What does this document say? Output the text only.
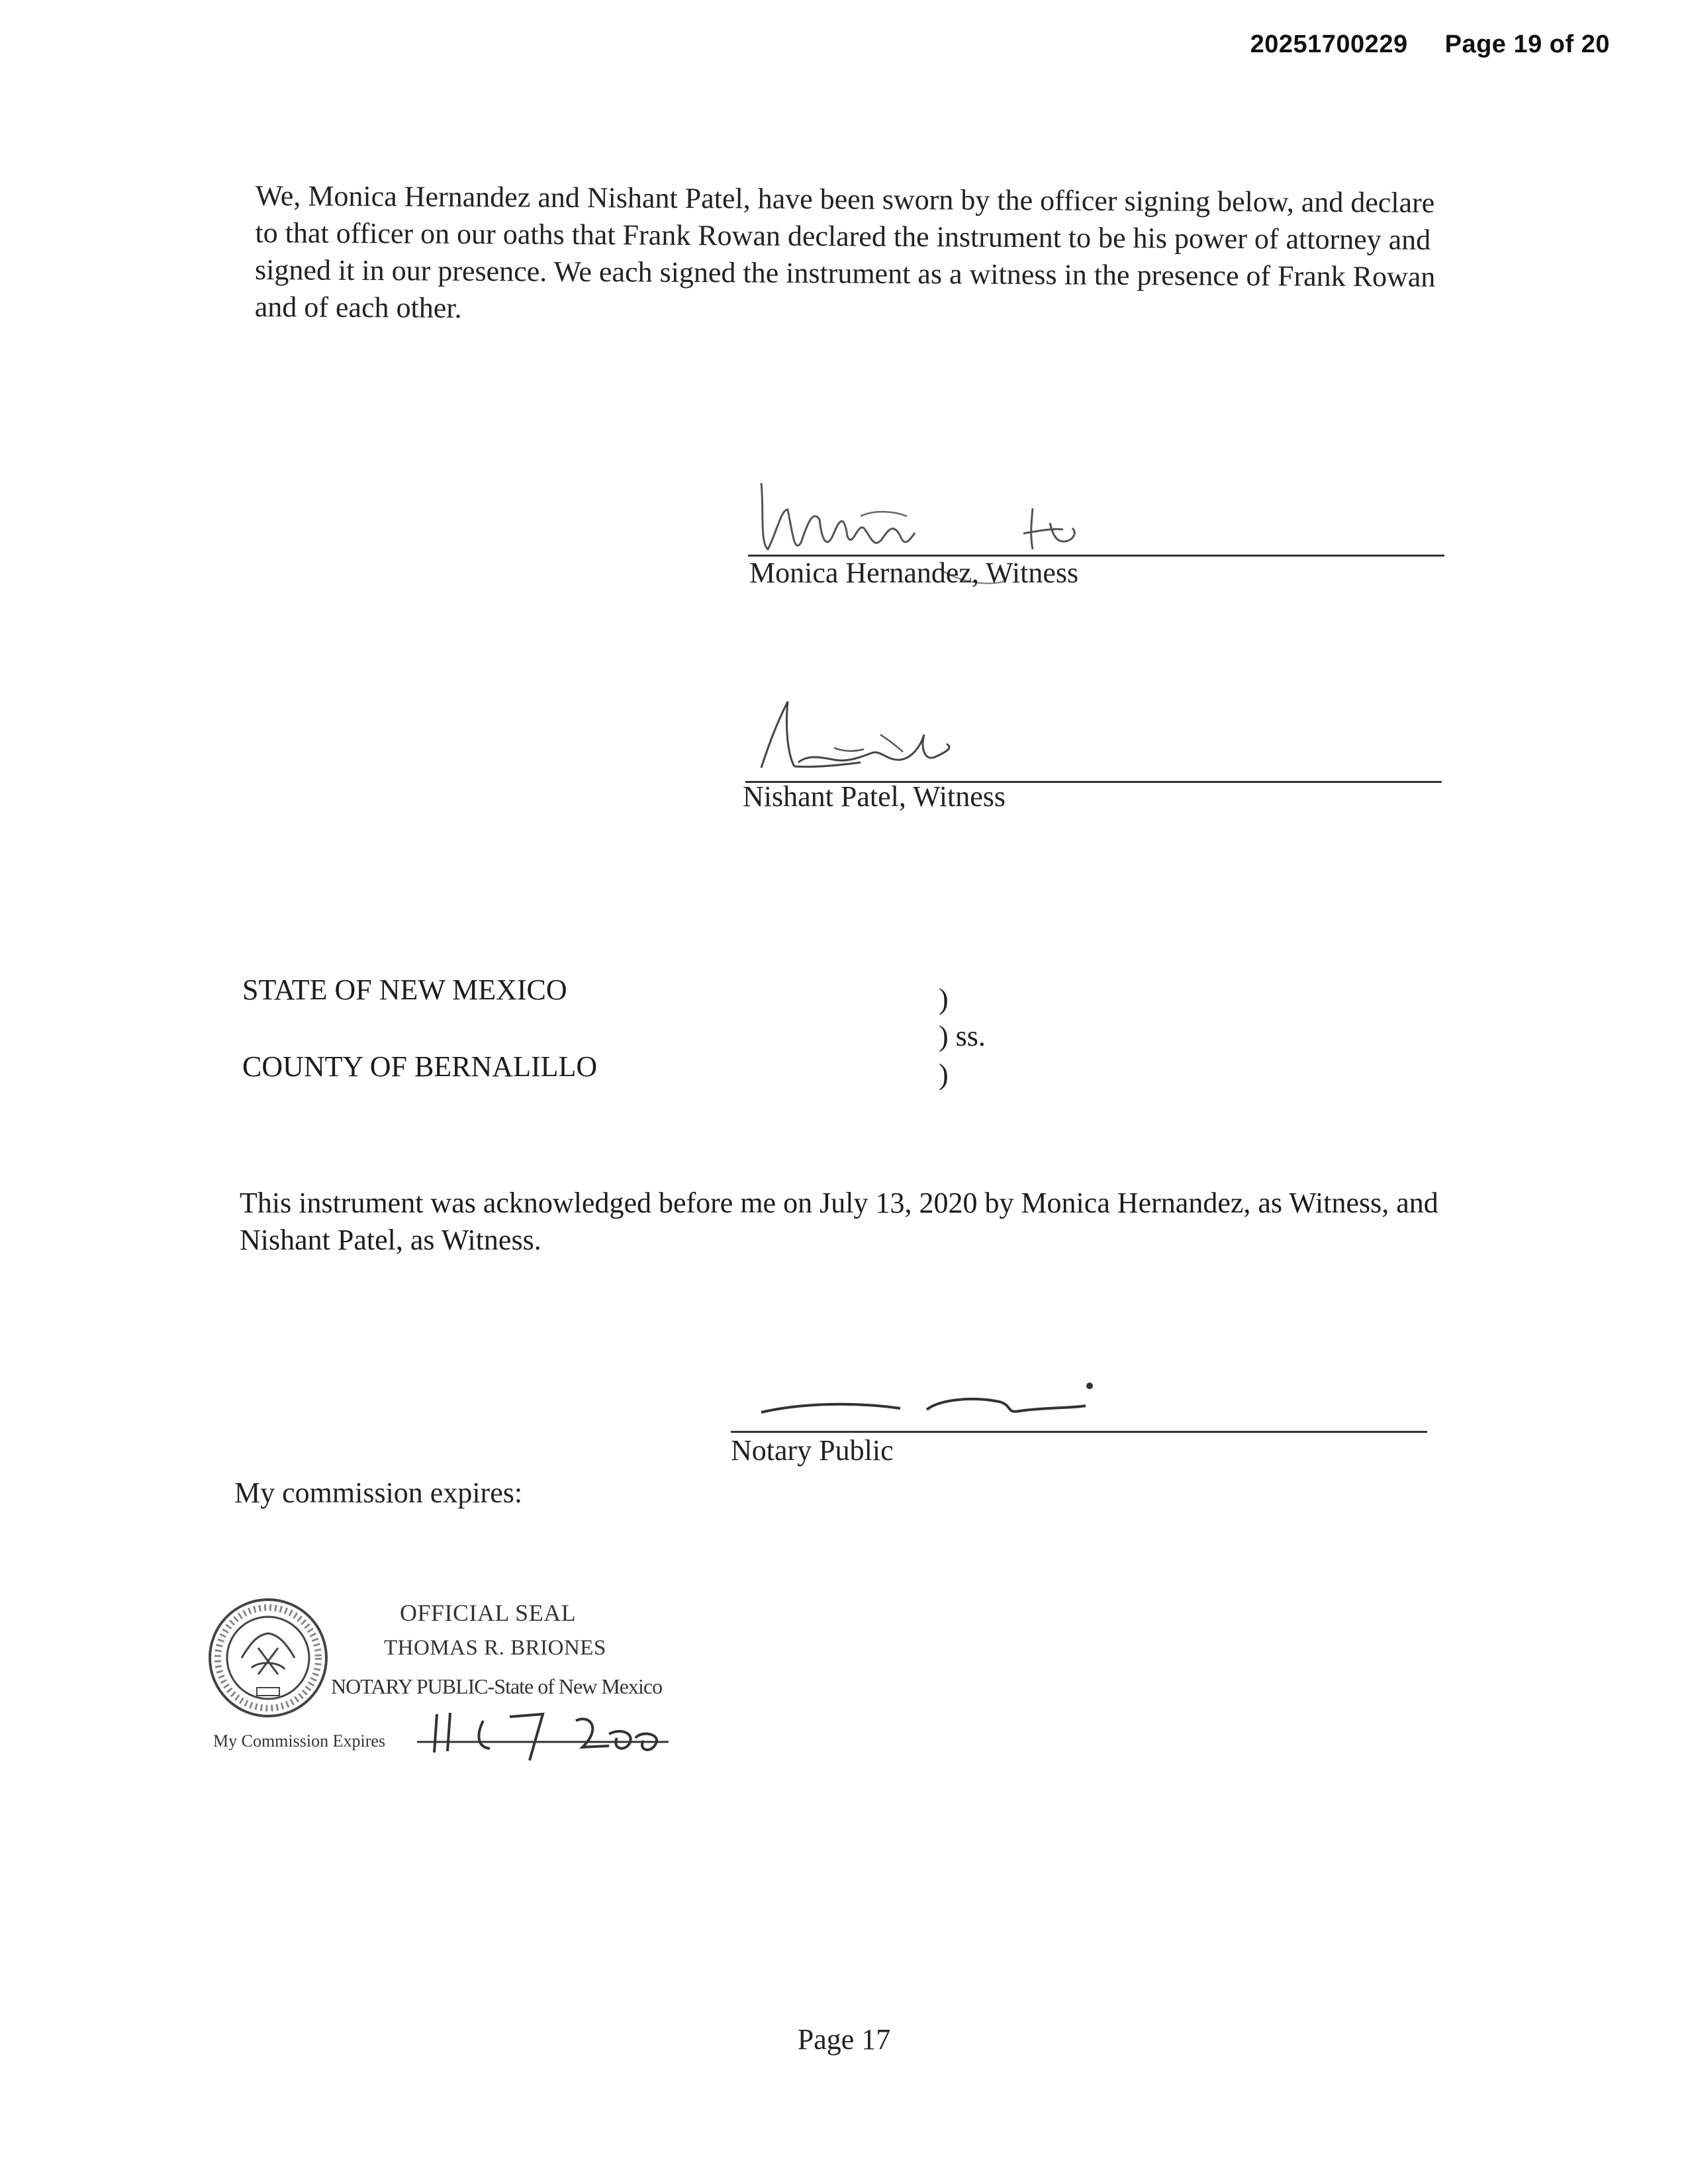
20251700229 Page 19 of 20

We, Monica Hernandez and Nishant Patel, have been sworn by the officer signing below, and declare to that officer on our oaths that Frank Rowan declared the instrument to be his power of attorney and signed it in our presence. We each signed the instrument as a witness in the presence of Frank Rowan and of each other.

Monica Hernandez, Witness
Nishant Patel, Witness
STATE OF NEW MEXICO
COUNTY OF BERNALILLO
)
) ss.
)

This instrument was acknowledged before me on July 13, 2020 by Monica Hernandez, as Witness, and Nishant Patel, as Witness.

Notary Public
My commission expires:
OFFICIAL SEAL
THOMAS R. BRIONES
NOTARY PUBLIC-State of New Mexico
My Commission Expires
Page 17
